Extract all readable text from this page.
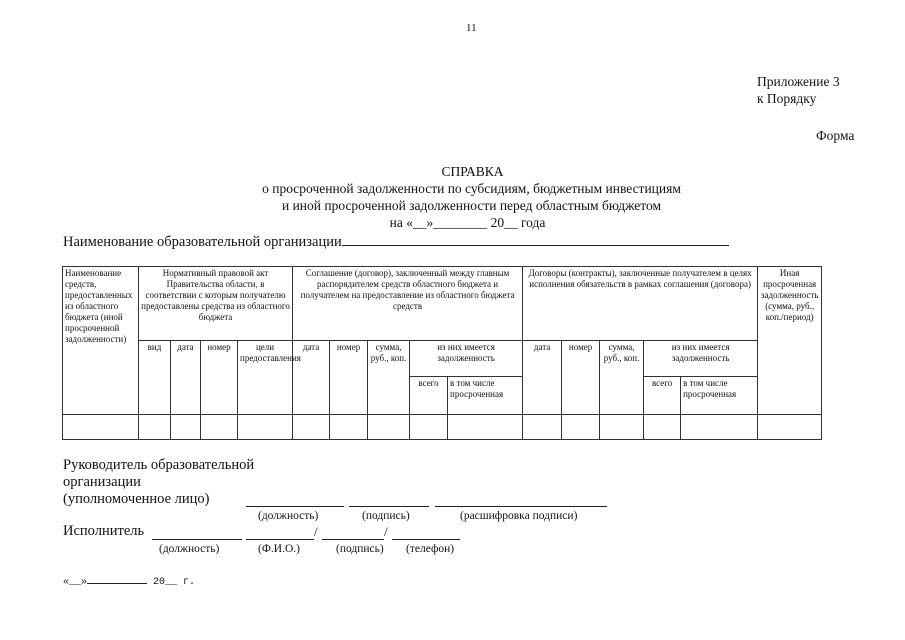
11
Приложение 3
к Порядку
Форма
СПРАВКА
о просроченной задолженности по субсидиям, бюджетным инвестициям
и иной просроченной задолженности перед областным бюджетом
на «__»________ 20__ года
Наименование образовательной организации
Наименование средств, предоставленных из областного бюджета (иной просроченной задолженности)	Нормативный правовой акт Правительства области, в соответствии с которым получателю предоставлены средства из областного бюджета				Соглашение (договор), заключенный между главным распорядителем средств областного бюджета и получателем на предоставление из областного бюджета средств					Договоры (контракты), заключенные получателем в целях исполнения обязательств в рамках соглашения (договора)					Иная просроченная задолженность (сумма, руб., коп./период)
	вид	дата	номер	цели предоставления	дата	номер	сумма, руб., коп.	из них имеется задолженность		дата	номер	сумма, руб., коп.	из них имеется задолженность		
								всего	в том числе просроченная				всего	в том числе просроченная	

Руководитель образовательной
организации
(уполномоченное лицо)
(должность)	(подпись)	(расшифровка подписи)
Исполнитель	/	/
(должность)	(Ф.И.О.)	(подпись) (телефон)
«__»	20__ г.
